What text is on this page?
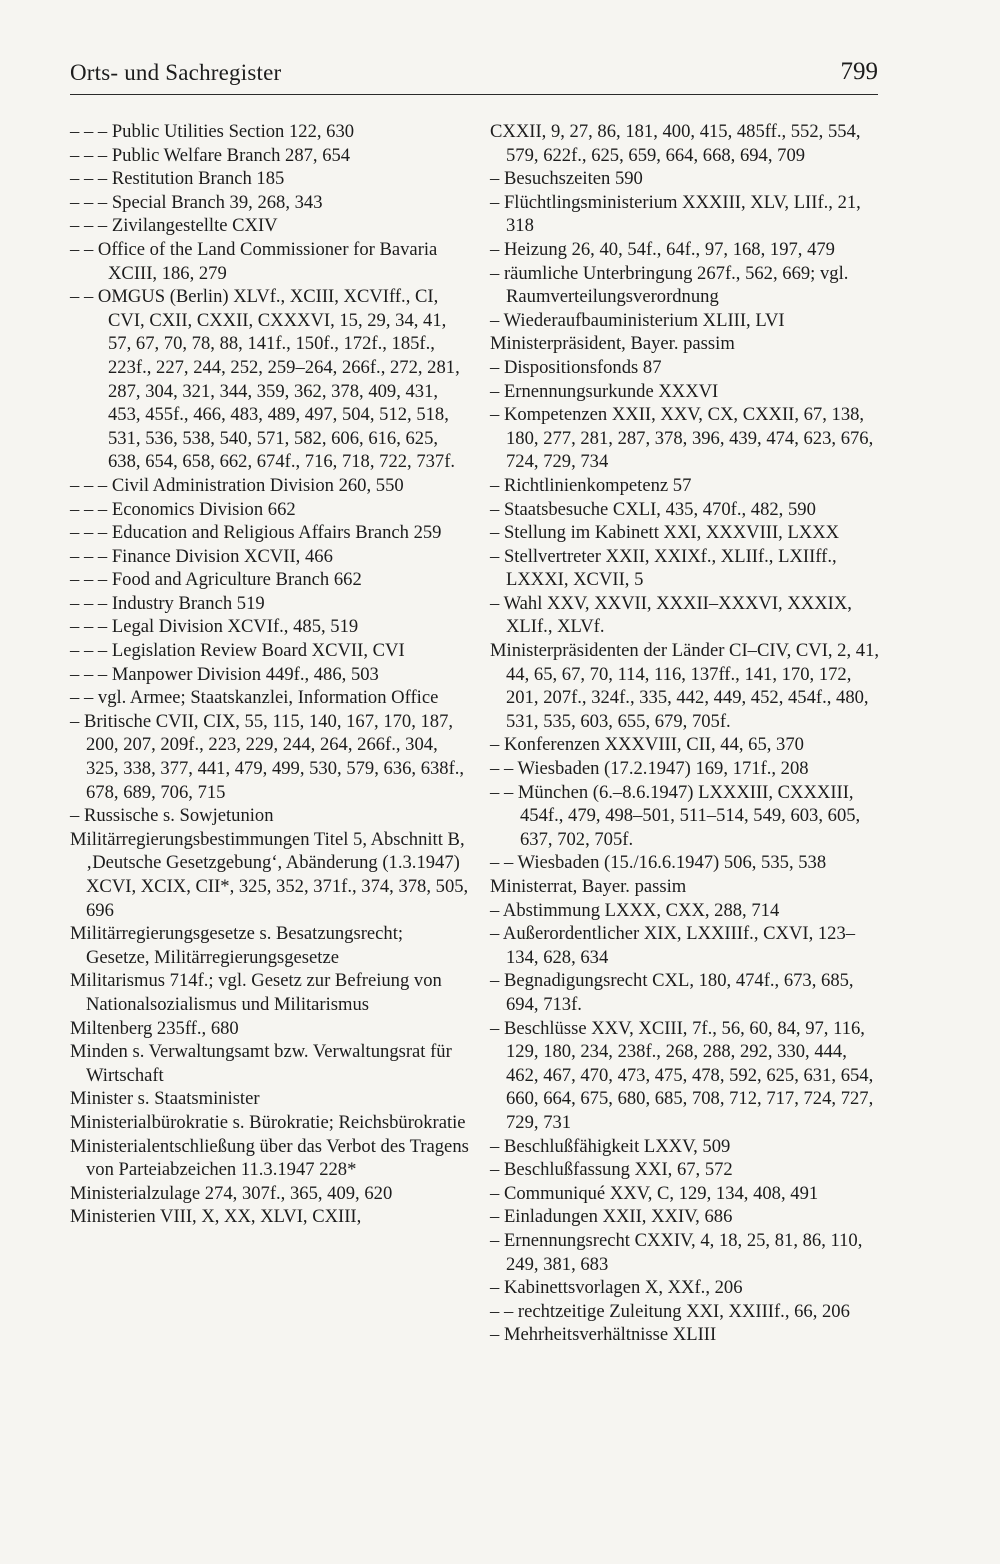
Orts- und Sachregister	799

– – – Public Utilities Section 122, 630

– – – Public Welfare Branch 287, 654

– – – Restitution Branch 185

– – – Special Branch 39, 268, 343

– – – Zivilangestellte CXIV

– – Office of the Land Commissioner for Bavaria XCIII, 186, 279

– – OMGUS (Berlin) XLVf., XCIII, XCVIff., CI, CVI, CXII, CXXII, CXXXVI, 15, 29, 34, 41, 57, 67, 70, 78, 88, 141f., 150f., 172f., 185f., 223f., 227, 244, 252, 259–264, 266f., 272, 281, 287, 304, 321, 344, 359, 362, 378, 409, 431, 453, 455f., 466, 483, 489, 497, 504, 512, 518, 531, 536, 538, 540, 571, 582, 606, 616, 625, 638, 654, 658, 662, 674f., 716, 718, 722, 737f.

– – – Civil Administration Division 260, 550

– – – Economics Division 662

– – – Education and Religious Affairs Branch 259

– – – Finance Division XCVII, 466

– – – Food and Agriculture Branch 662

– – – Industry Branch 519

– – – Legal Division XCVIf., 485, 519

– – – Legislation Review Board XCVII, CVI

– – – Manpower Division 449f., 486, 503

– – vgl. Armee; Staatskanzlei, Information Office

– Britische CVII, CIX, 55, 115, 140, 167, 170, 187, 200, 207, 209f., 223, 229, 244, 264, 266f., 304, 325, 338, 377, 441, 479, 499, 530, 579, 636, 638f., 678, 689, 706, 715

– Russische s. Sowjetunion

Militärregierungsbestimmungen Titel 5, Abschnitt B, ‚Deutsche Gesetzgebung‘, Abänderung (1.3.1947) XCVI, XCIX, CII*, 325, 352, 371f., 374, 378, 505, 696

Militärregierungsgesetze s. Besatzungsrecht; Gesetze, Militärregierungsgesetze

Militarismus 714f.; vgl. Gesetz zur Befreiung von Nationalsozialismus und Militarismus

Miltenberg 235ff., 680

Minden s. Verwaltungsamt bzw. Verwaltungsrat für Wirtschaft

Minister s. Staatsminister

Ministerialbürokratie s. Bürokratie; Reichsbürokratie

Ministerialentschließung über das Verbot des Tragens von Parteiabzeichen 11.3.1947 228*

Ministerialzulage 274, 307f., 365, 409, 620

Ministerien VIII, X, XX, XLVI, CXIII,

CXXII, 9, 27, 86, 181, 400, 415, 485ff., 552, 554, 579, 622f., 625, 659, 664, 668, 694, 709

– Besuchszeiten 590

– Flüchtlingsministerium XXXIII, XLV, LIIf., 21, 318

– Heizung 26, 40, 54f., 64f., 97, 168, 197, 479

– räumliche Unterbringung 267f., 562, 669; vgl. Raumverteilungsverordnung

– Wiederaufbauministerium XLIII, LVI

Ministerpräsident, Bayer. passim

– Dispositionsfonds 87

– Ernennungsurkunde XXXVI

– Kompetenzen XXII, XXV, CX, CXXII, 67, 138, 180, 277, 281, 287, 378, 396, 439, 474, 623, 676, 724, 729, 734

– Richtlinienkompetenz 57

– Staatsbesuche CXLI, 435, 470f., 482, 590

– Stellung im Kabinett XXI, XXXVIII, LXXX

– Stellvertreter XXII, XXIXf., XLIIf., LXIIff., LXXXI, XCVII, 5

– Wahl XXV, XXVII, XXXII–XXXVI, XXXIX, XLIf., XLVf.

Ministerpräsidenten der Länder CI–CIV, CVI, 2, 41, 44, 65, 67, 70, 114, 116, 137ff., 141, 170, 172, 201, 207f., 324f., 335, 442, 449, 452, 454f., 480, 531, 535, 603, 655, 679, 705f.

– Konferenzen XXXVIII, CII, 44, 65, 370

– – Wiesbaden (17.2.1947) 169, 171f., 208

– – München (6.–8.6.1947) LXXXIII, CXXXIII, 454f., 479, 498–501, 511–514, 549, 603, 605, 637, 702, 705f.

– – Wiesbaden (15./16.6.1947) 506, 535, 538

Ministerrat, Bayer. passim

– Abstimmung LXXX, CXX, 288, 714

– Außerordentlicher XIX, LXXIIIf., CXVI, 123–134, 628, 634

– Begnadigungsrecht CXL, 180, 474f., 673, 685, 694, 713f.

– Beschlüsse XXV, XCIII, 7f., 56, 60, 84, 97, 116, 129, 180, 234, 238f., 268, 288, 292, 330, 444, 462, 467, 470, 473, 475, 478, 592, 625, 631, 654, 660, 664, 675, 680, 685, 708, 712, 717, 724, 727, 729, 731

– Beschlußfähigkeit LXXV, 509

– Beschlußfassung XXI, 67, 572

– Communiqué XXV, C, 129, 134, 408, 491

– Einladungen XXII, XXIV, 686

– Ernennungsrecht CXXIV, 4, 18, 25, 81, 86, 110, 249, 381, 683

– Kabinettsvorlagen X, XXf., 206

– – rechtzeitige Zuleitung XXI, XXIIIf., 66, 206

– Mehrheitsverhältnisse XLIII
